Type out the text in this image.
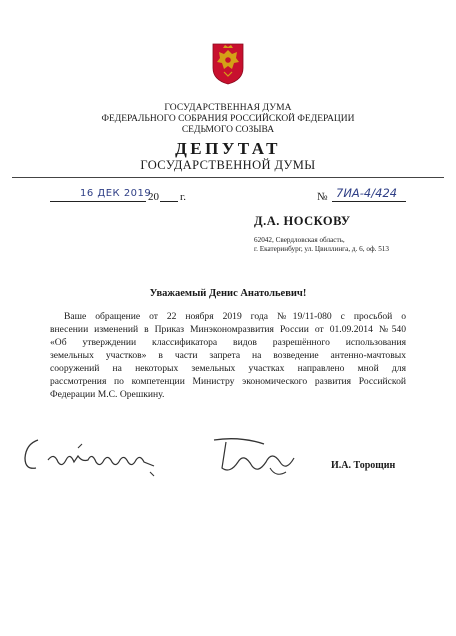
ГОСУДАРСТВЕННАЯ ДУМА
ФЕДЕРАЛЬНОГО СОБРАНИЯ РОССИЙСКОЙ ФЕДЕРАЦИИ
СЕДЬМОГО СОЗЫВА
ДЕПУТАТ
ГОСУДАРСТВЕННОЙ ДУМЫ
16 ДЕК 2019
20 г.	№ 7ИА-4/424
Д.А. НОСКОВУ
62042, Свердловская область,
г. Екатеринбург, ул. Цвиллинга, д. 6, оф. 513
Уважаемый Денис Анатольевич!
Ваше обращение от 22 ноября 2019 года №19/11-080 с просьбой о
внесении изменений в Приказ Минэкономразвития России от 01.09.2014 №540
«Об утверждении классификатора видов разрешённого использования
земельных участков» в части запрета на возведение антенно-мачтовых
сооружений на некоторых земельных участках направлено мной для
рассмотрения по компетенции Министру экономического развития Российской
Федерации М.С. Орешкину.
И.А. Торощин
